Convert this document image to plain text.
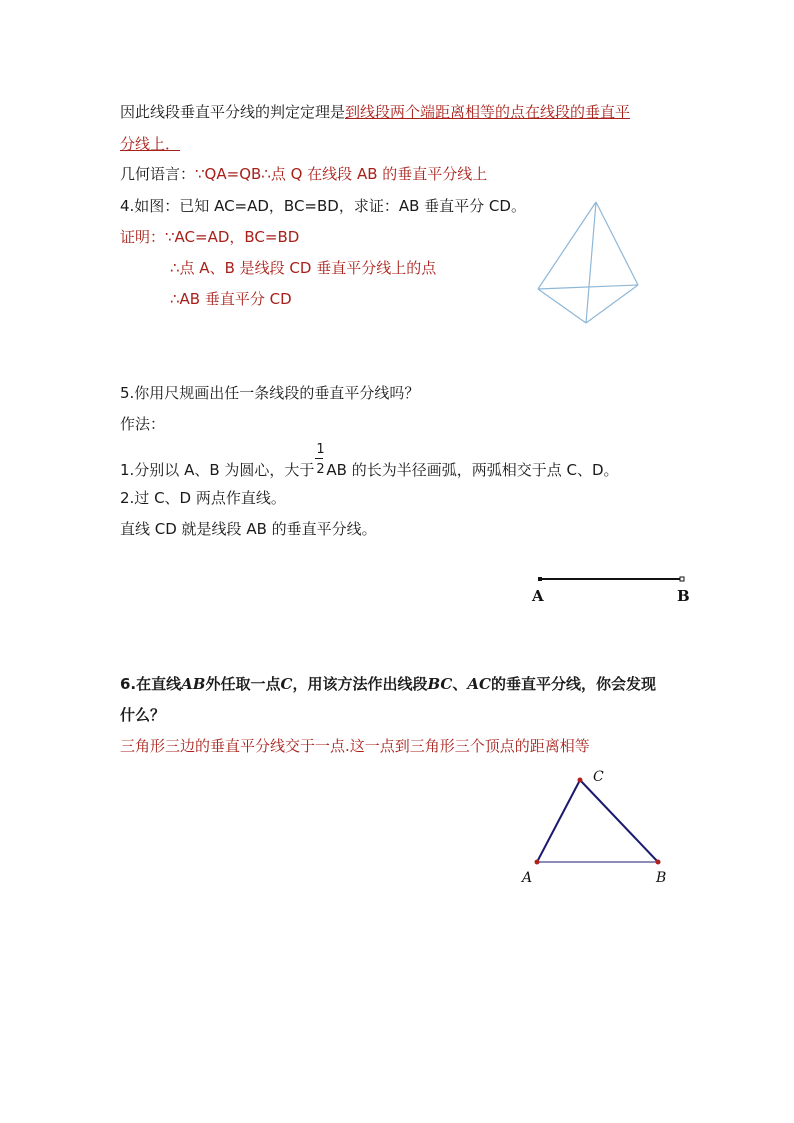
因此线段垂直平分线的判定定理是到线段两个端距离相等的点在线段的垂直平
分线上．
几何语言：∵QA=QB∴点 Q 在线段 AB 的垂直平分线上
4.如图：已知 AC=AD，BC=BD，求证：AB 垂直平分 CD。
证明：∵AC=AD，BC=BD
∴点 A、B 是线段 CD 垂直平分线上的点
∴AB 垂直平分 CD
5.你用尺规画出任一条线段的垂直平分线吗？
作法：
1.分别以 A、B 为圆心，大于 $\frac{1}{2}$ AB 的长为半径画弧，两弧相交于点 C、D。
2.过 C、D 两点作直线。
直线 CD 就是线段 AB 的垂直平分线。
A	B
6.在直线AB外任取一点C，用该方法作出线段BC、AC的垂直平分线，你会发现
什么？
三角形三边的垂直平分线交于一点.这一点到三角形三个顶点的距离相等
A	B
C
